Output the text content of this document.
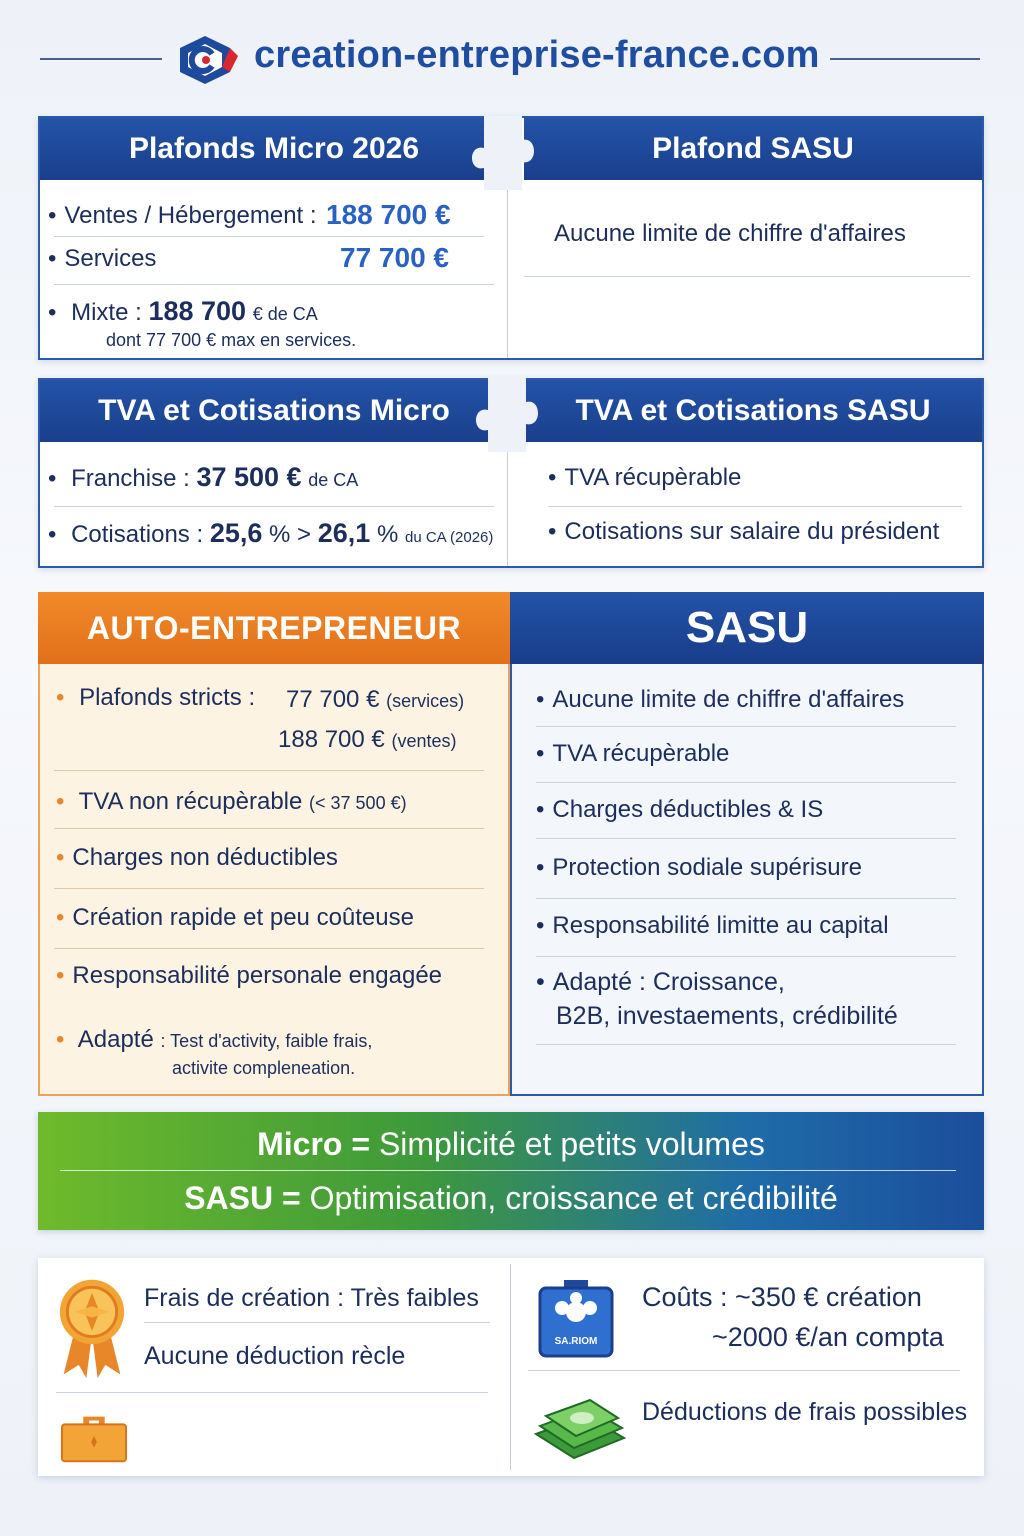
creation-entreprise-france.com
Plafonds Micro 2026	Plafond SASU
• Ventes / Hébergement : 188 700 €
• Services	77 700 €
• Mixte : 188 700 € de CA
dont 77 700 € max en services.
Aucune limite de chiffre d'affaires
TVA et Cotisations Micro	TVA et Cotisations SASU
• Franchise : 37 500 € de CA
• Cotisations : 25,6 % > 26,1 % du CA (2026)
• TVA récupèrable
• Cotisations sur salaire du président
AUTO-ENTREPRENEUR	SASU
• Plafonds stricts : 77 700 € (services)
188 700 € (ventes)
• TVA non récupèrable (< 37 500 €)
• Charges non déductibles
• Création rapide et peu coûteuse
• Responsabilité personale engagée
• Adapté : Test d'activity, faible frais,
activite compleneation.
• Aucune limite de chiffre d'affaires
• TVA récupèrable
• Charges déductibles & IS
• Protection sodiale supérisure
• Responsabilité limitte au capital
• Adapté : Croissance,
B2B, investaements, crédibilité
Micro = Simplicité et petits volumes
SASU = Optimisation, croissance et crédibilité
Frais de création : Très faibles
Aucune déduction rècle
SA.RIOM
Coûts : ~350 € création
~2000 €/an compta
Déductions de frais possibles
